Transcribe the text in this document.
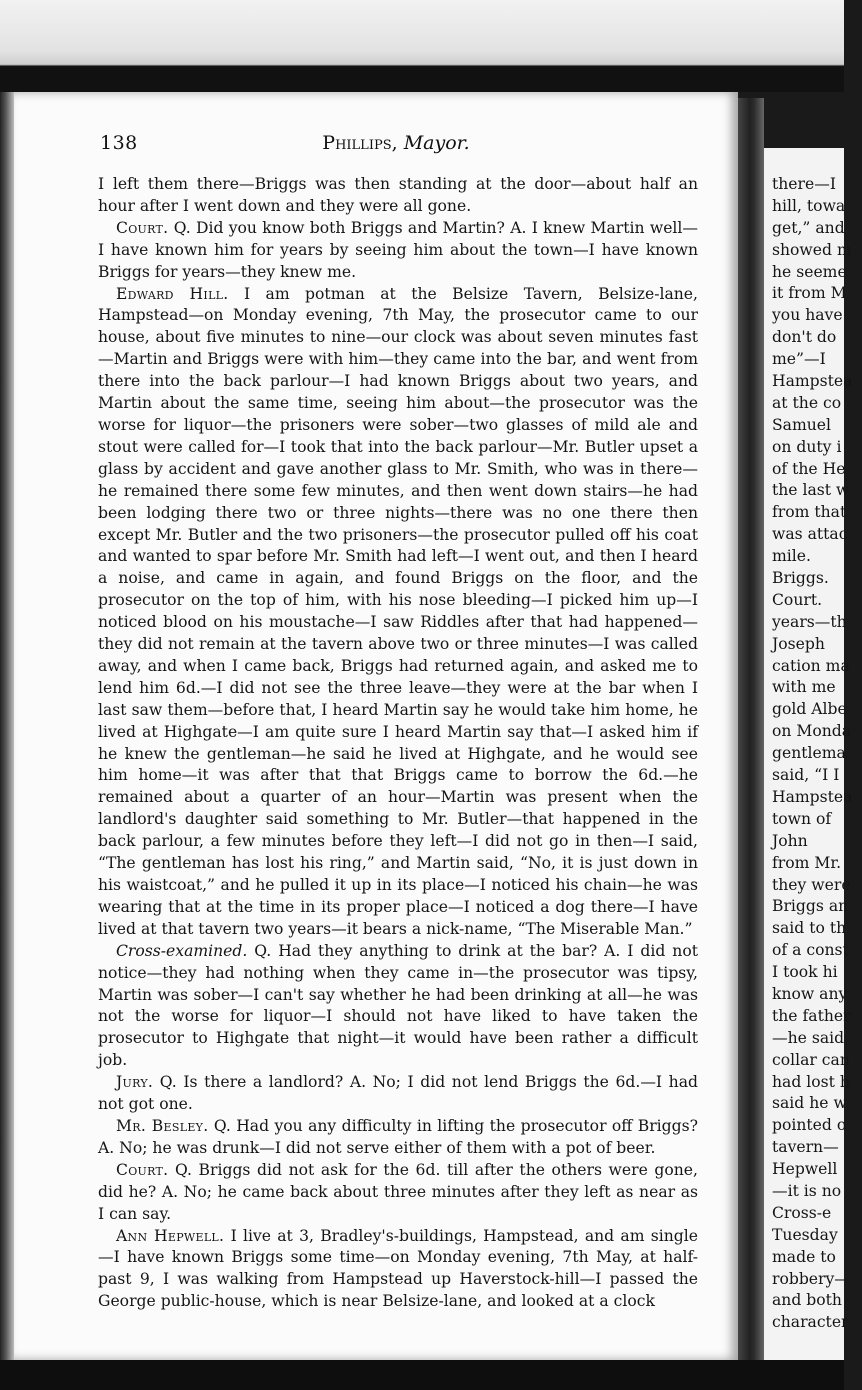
there—I
hill, towa
get,” and
showed m
he seeme
it from M
you have
don't do
me”—I
Hampstea
at the co
Samuel
on duty i
of the He
the last w
from that
was attac
mile.
Briggs.
Court.
years—th
Joseph
cation ma
with me
gold Albe
on Monda
gentlema
said, “I I
Hampstea
town of
John
from Mr.
they were
Briggs an
said to th
of a const
I took hi
know any
the father
—he said
collar can
had lost h
said he w
pointed o
tavern—
Hepwell
—it is no
Cross-e
Tuesday
made to
robbery—
and both
character
138	Phillips, Mayor.

I left them there—Briggs was then standing at the door—about half an hour after I went down and they were all gone.

Court. Q. Did you know both Briggs and Martin? A. I knew Martin well—I have known him for years by seeing him about the town—I have known Briggs for years—they knew me.

Edward Hill. I am potman at the Belsize Tavern, Belsize-lane, Hampstead—on Monday evening, 7th May, the prosecutor came to our house, about five minutes to nine—our clock was about seven minutes fast—Martin and Briggs were with him—they came into the bar, and went from there into the back parlour—I had known Briggs about two years, and Martin about the same time, seeing him about—the prosecutor was the worse for liquor—the prisoners were sober—two glasses of mild ale and stout were called for—I took that into the back parlour—Mr. Butler upset a glass by accident and gave another glass to Mr. Smith, who was in there—he remained there some few minutes, and then went down stairs—he had been lodging there two or three nights—there was no one there then except Mr. Butler and the two prisoners—the prosecutor pulled off his coat and wanted to spar before Mr. Smith had left—I went out, and then I heard a noise, and came in again, and found Briggs on the floor, and the prosecutor on the top of him, with his nose bleeding—I picked him up—I noticed blood on his moustache—I saw Riddles after that had happened—they did not remain at the tavern above two or three minutes—I was called away, and when I came back, Briggs had returned again, and asked me to lend him 6d.—I did not see the three leave—they were at the bar when I last saw them—before that, I heard Martin say he would take him home, he lived at Highgate—I am quite sure I heard Martin say that—I asked him if he knew the gentleman—he said he lived at Highgate, and he would see him home—it was after that that Briggs came to borrow the 6d.—he remained about a quarter of an hour—Martin was present when the landlord's daughter said something to Mr. Butler—that happened in the back parlour, a few minutes before they left—I did not go in then—I said, “The gentleman has lost his ring,” and Martin said, “No, it is just down in his waistcoat,” and he pulled it up in its place—I noticed his chain—he was wearing that at the time in its proper place—I noticed a dog there—I have lived at that tavern two years—it bears a nick-name, “The Miserable Man.”

Cross-examined. Q. Had they anything to drink at the bar? A. I did not notice—they had nothing when they came in—the prosecutor was tipsy, Martin was sober—I can't say whether he had been drinking at all—he was not the worse for liquor—I should not have liked to have taken the prosecutor to Highgate that night—it would have been rather a difficult job.

Jury. Q. Is there a landlord? A. No; I did not lend Briggs the 6d.—I had not got one.

Mr. Besley. Q. Had you any difficulty in lifting the prosecutor off Briggs? A. No; he was drunk—I did not serve either of them with a pot of beer.

Court. Q. Briggs did not ask for the 6d. till after the others were gone, did he? A. No; he came back about three minutes after they left as near as I can say.

Ann Hepwell. I live at 3, Bradley's-buildings, Hampstead, and am single—I have known Briggs some time—on Monday evening, 7th May, at half-past 9, I was walking from Hampstead up Haverstock-hill—I passed the George public-house, which is near Belsize-lane, and looked at a clock
